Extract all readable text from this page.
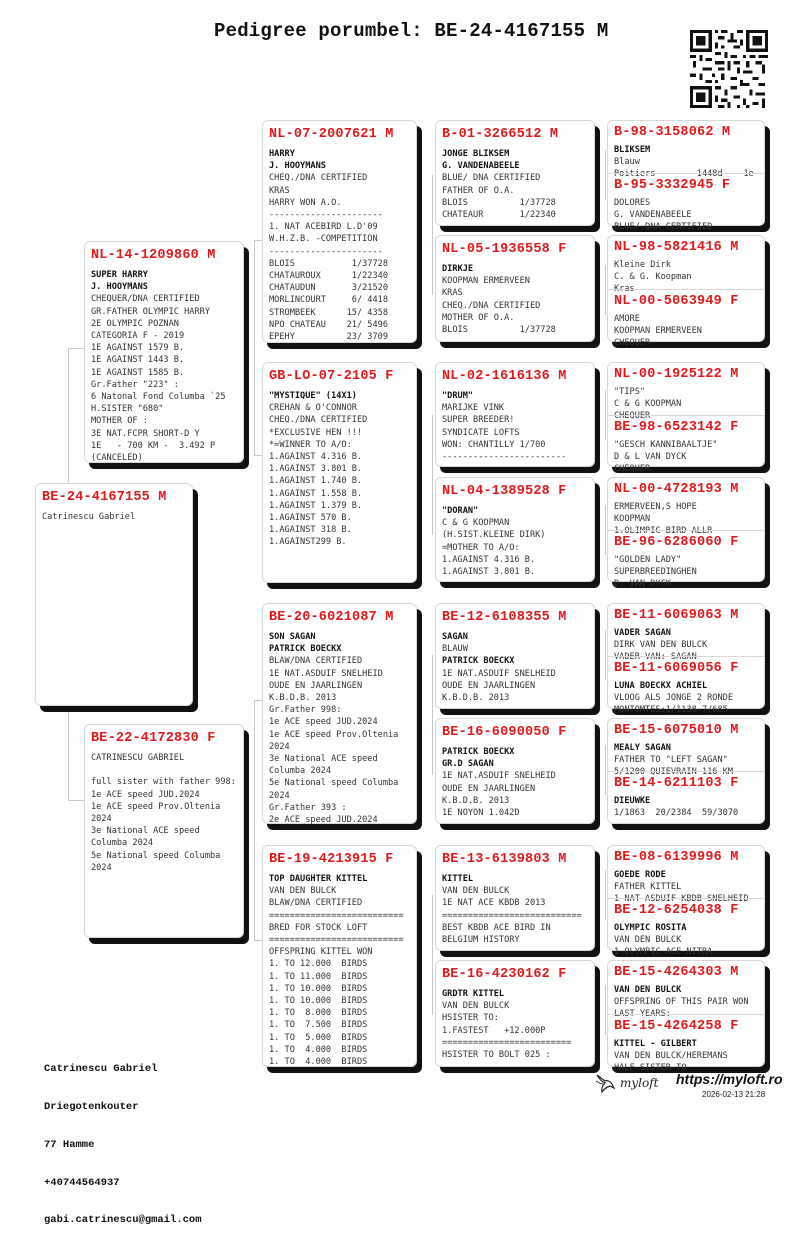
Pedigree porumbel: BE-24-4167155 M
BE-24-4167155 M
Catrinescu Gabriel
NL-14-1209860 M
SUPER HARRY
J. HOOYMANS
CHEQUER/DNA CERTIFIED
GR.FATHER OLYMPIC HARRY
2E OLYMPIC POZNAN
CATEGORIA F - 2019
1E AGAINST 1579 B.
1E AGAINST 1443 B.
1E AGAINST 1585 B.
Gr.Father "223" :
6 Natonal Fond Columba `25
H.SISTER "680"
MOTHER OF :
3E NAT.FCPR SHORT-D Y
1E   - 700 KM -  3.492 P
(CANCELED)
BE-22-4172830 F
CATRINESCU GABRIEL

full sister with father 998:
1e ACE speed JUD.2024
1e ACE speed Prov.Oltenia
2024
3e National ACE speed
Columba 2024
5e National speed Columba
2024
NL-07-2007621 M
HARRY
J. HOOYMANS
CHEQ./DNA CERTIFIED
KRAS
HARRY WON A.O.
----------------------
1. NAT ACEBIRD L.D'09
W.H.Z.B. -COMPETITION
----------------------
BLOIS           1/37728
CHATAUROUX      1/22340
CHATAUDUN       3/21520
MORLINCOURT     6/ 4418
STROMBEEK      15/ 4358
NPO CHATEAU    21/ 5496
EPEHY          23/ 3709
GB-LO-07-2105 F
"MYSTIQUE" (14X1)
CREHAN & O'CONNOR
CHEQ./DNA CERTIFIED
*EXCLUSIVE HEN !!!
*=WINNER TO A/O:
1.AGAINST 4.316 B.
1.AGAINST 3.801 B.
1.AGAINST 1.740 B.
1.AGAINST 1.558 B.
1.AGAINST 1.379 B.
1.AGAINST 570 B.
1.AGAINST 318 B.
1.AGAINST299 B.
BE-20-6021087 M
SON SAGAN
PATRICK BOECKX
BLAW/DNA CERTIFIED
1E NAT.ASDUIF SNELHEID
OUDE EN JAARLINGEN
K.B.D.B. 2013
Gr.Father 998:
1e ACE speed JUD.2024
1e ACE speed Prov.Oltenia
2024
3e National ACE speed
Columba 2024
5e National speed Columba
2024
Gr.Father 393 :
2e ACE speed JUD.2024
BE-19-4213915 F
TOP DAUGHTER KITTEL
VAN DEN BULCK
BLAW/DNA CERTIFIED
==========================
BRED FOR STOCK LOFT
==========================
OFFSPRING KITTEL WON
1. TO 12.000  BIRDS
1. TO 11.000  BIRDS
1. TO 10.000  BIRDS
1. TO 10.000  BIRDS
1. TO  8.000  BIRDS
1. TO  7.500  BIRDS
1. TO  5.000  BIRDS
1. TO  4.000  BIRDS
1. TO  4.000  BIRDS
B-01-3266512 M
JONGE BLIKSEM
G. VANDENABEELE
BLUE/ DNA CERTIFIED
FATHER OF O.A.
BLOIS          1/37728
CHATEAUR       1/22340
NL-05-1936558 F
DIRKJE
KOOPMAN ERMERVEEN
KRAS
CHEQ./DNA CERTIFIED
MOTHER OF O.A.
BLOIS          1/37728
NL-02-1616136 M
"DRUM"
MARIJKE VINK
SUPER BREEDER!
SYNDICATE LOFTS
WON: CHANTILLY 1/700
------------------------
NL-04-1389528 F
"DORAN"
C & G KOOPMAN
(H.SIST.KLEINE DIRK)
=MOTHER TO A/O:
1.AGAINST 4.316 B.
1.AGAINST 3.801 B.
BE-12-6108355 M
SAGAN
BLAUW
PATRICK BOECKX
1E NAT.ASDUIF SNELHEID
OUDE EN JAARLINGEN
K.B.D.B. 2013
BE-16-6090050 F
PATRICK BOECKX
GR.D SAGAN
1E NAT.ASDUIF SNELHEID
OUDE EN JAARLINGEN
K.B.D.B. 2013
1E NOYON 1.042D
BE-13-6139803 M
KITTEL
VAN DEN BULCK
1E NAT ACE KBDB 2013
===========================
BEST KBDB ACE BIRD IN
BELGIUM HISTORY
BE-16-4230162 F
GRDTR KITTEL
VAN DEN BULCK
HSISTER TO:
1.FASTEST   +12.000P
=========================
HSISTER TO BOLT 025 :
B-98-3158062 M
BLIKSEM
Blauw
Poitiers        1448d    1e
B-95-3332945 F
DOLORES
G. VANDENABEELE
BLUE/ DNA CERTIFIED
NL-98-5821416 M
Kleine Dirk
C. & G. Koopman
Kras
NL-00-5063949 F
AMORE
KOOPMAN ERMERVEEN
CHEQUER
NL-00-1925122 M
"TIPS"
C & G KOOPMAN
CHEQUER
BE-98-6523142 F
"GESCH KANNIBAALTJE"
D & L VAN DYCK
CHEQUER
NL-00-4728193 M
ERMERVEEN,S HOPE
KOOPMAN
1.OLIMPIC BIRD ALLR
BE-96-6286060 F
"GOLDEN LADY"
SUPERBREEDINGHEN
D. VAN DYCK
BE-11-6069063 M
VADER SAGAN
DIRK VAN DEN BULCK
VADER VAN: SAGAN
BE-11-6069056 F
LUNA BOECKX ACHIEL
VLOOG ALS JONGE 2 RONDE
MONTOMTES:1/1138 7/685
BE-15-6075010 M
MEALY SAGAN
FATHER TO "LEFT SAGAN"
5/1200 QUIEVRAIN 116 KM
BE-14-6211103 F
DIEUWKE
1/1863  20/2384  59/3070
BE-08-6139996 M
GOEDE RODE
FATHER KITTEL
1 NAT ASDUIF KBDB SNELHEID
BE-12-6254038 F
OLYMPIC ROSITA
VAN DEN BULCK
1 OLYMPIC ACE NITRA
BE-15-4264303 M
VAN DEN BULCK
OFFSPRING OF THIS PAIR WON
LAST YEARS:
BE-15-4264258 F
KITTEL - GILBERT
VAN DEN BULCK/HEREMANS
HALF SISTER TO

Catrinescu Gabriel

Driegotenkouter

77 Hamme

+40744564937

gabi.catrinescu@gmail.com

myloft https://myloft.ro
2026-02-13 21:28
